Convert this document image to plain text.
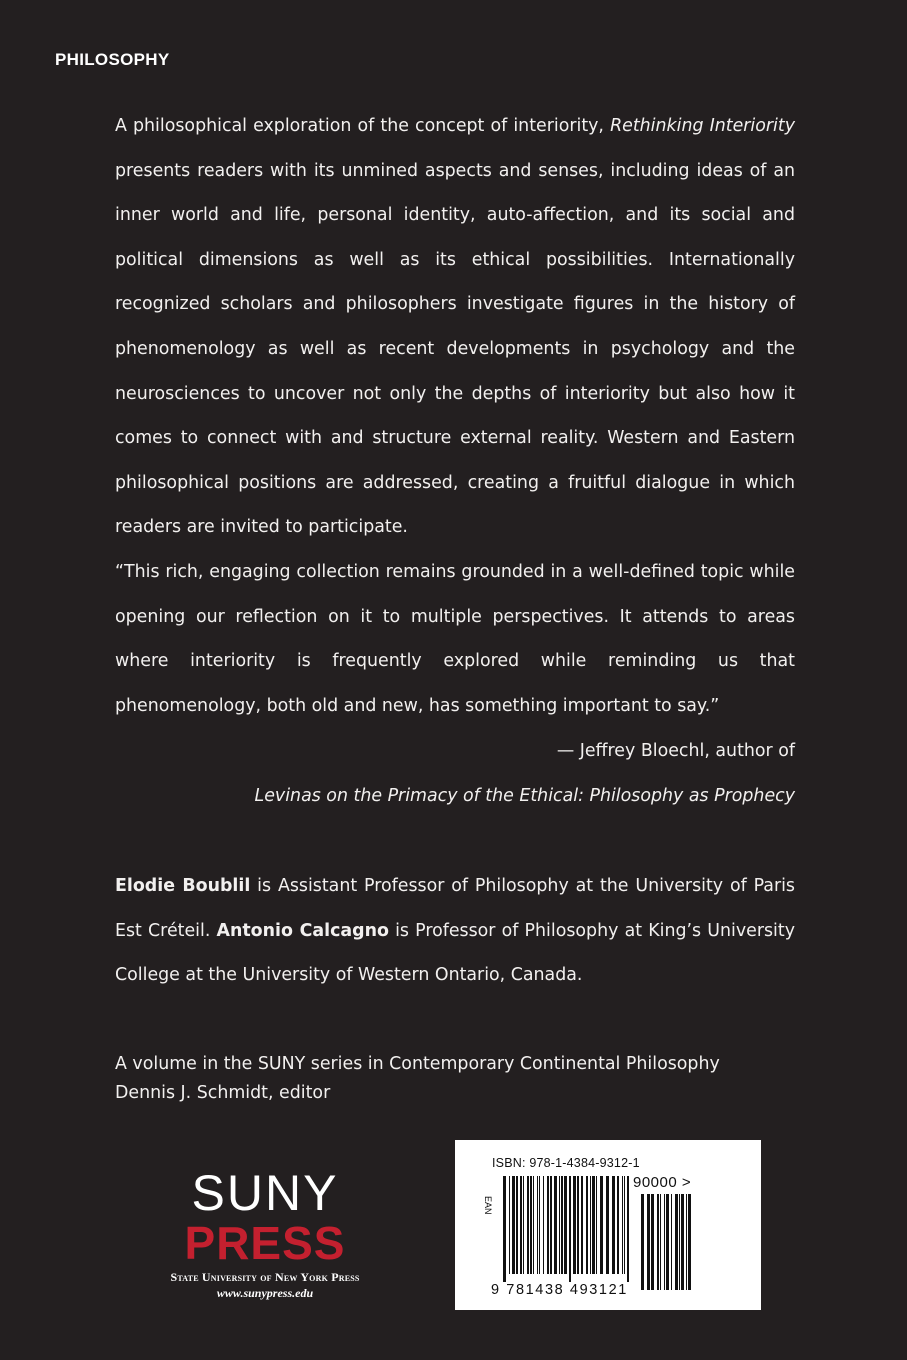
PHILOSOPHY

A philosophical exploration of the concept of interiority, Rethinking Interiority presents readers with its unmined aspects and senses, including ideas of an inner world and life, personal identity, auto-affection, and its social and political dimensions as well as its ethical possibilities. Internationally recognized scholars and philosophers investigate figures in the history of phenomenology as well as recent developments in psychology and the neurosciences to uncover not only the depths of interiority but also how it comes to connect with and structure external reality. Western and Eastern philosophical positions are addressed, creating a fruitful dialogue in which readers are invited to participate.

“This rich, engaging collection remains grounded in a well-defined topic while opening our reflection on it to multiple perspectives. It attends to areas where interiority is frequently explored while reminding us that phenomenology, both old and new, has something important to say.”

— Jeffrey Bloechl, author of
Levinas on the Primacy of the Ethical: Philosophy as Prophecy

Elodie Boublil is Assistant Professor of Philosophy at the University of Paris Est Créteil. Antonio Calcagno is Professor of Philosophy at King’s University College at the University of Western Ontario, Canada.

A volume in the SUNY series in Contemporary Continental Philosophy
Dennis J. Schmidt, editor
SUNY
PRESS
State University of New York Press
www.sunypress.edu
ISBN: 978-1-4384-9312-1
EAN
90000 >
9 781438 493121
